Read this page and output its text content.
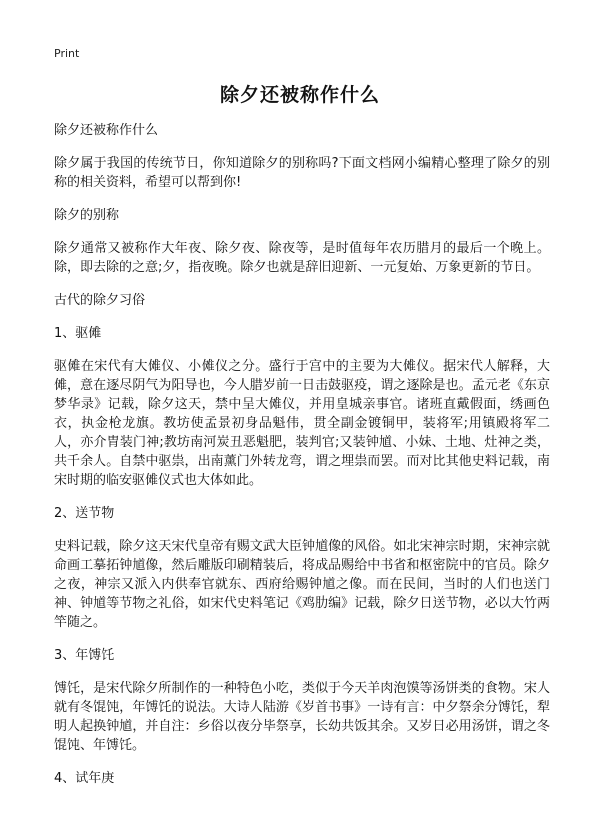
Print
除夕还被称作什么

除夕还被称作什么

除夕属于我国的传统节日，你知道除夕的别称吗?下面文档网小编精心整理了除夕的别称的相关资料，希望可以帮到你!

除夕的别称

除夕通常又被称作大年夜、除夕夜、除夜等，是时值每年农历腊月的最后一个晚上。除，即去除的之意;夕，指夜晚。除夕也就是辞旧迎新、一元复始、万象更新的节日。

古代的除夕习俗

1、驱傩

驱傩在宋代有大傩仪、小傩仪之分。盛行于宫中的主要为大傩仪。据宋代人解释，大傩，意在逐尽阴气为阳导也，今人腊岁前一日击鼓驱疫，谓之逐除是也。孟元老《东京梦华录》记载，除夕这天，禁中呈大傩仪，并用皇城亲事官。诸班直戴假面，绣画色衣，执金枪龙旗。教坊使孟景初身品魁伟，贯全副金镀铜甲，装将军;用镇殿将军二人，亦介胄装门神;教坊南河炭丑恶魁肥，装判官;又装钟馗、小妹、土地、灶神之类，共千余人。自禁中驱祟，出南薰门外转龙弯，谓之埋祟而罢。而对比其他史料记载，南宋时期的临安驱傩仪式也大体如此。

2、送节物

史料记载，除夕这天宋代皇帝有赐文武大臣钟馗像的风俗。如北宋神宗时期，宋神宗就命画工摹拓钟馗像，然后雕版印刷精装后，将成品赐给中书省和枢密院中的官员。除夕之夜，神宗又派入内供奉官就东、西府给赐钟馗之像。而在民间，当时的人们也送门神、钟馗等节物之礼俗，如宋代史料笔记《鸡肋编》记载，除夕日送节物，必以大竹两竿随之。

3、年馎饦

馎饦，是宋代除夕所制作的一种特色小吃，类似于今天羊肉泡馍等汤饼类的食物。宋人就有冬馄饨，年馎饦的说法。大诗人陆游《岁首书事》一诗有言：中夕祭余分馎饦，犁明人起换钟馗，并自注：乡俗以夜分毕祭享，长幼共饭其余。又岁日必用汤饼，谓之冬馄饨、年馎饦。

4、试年庚
